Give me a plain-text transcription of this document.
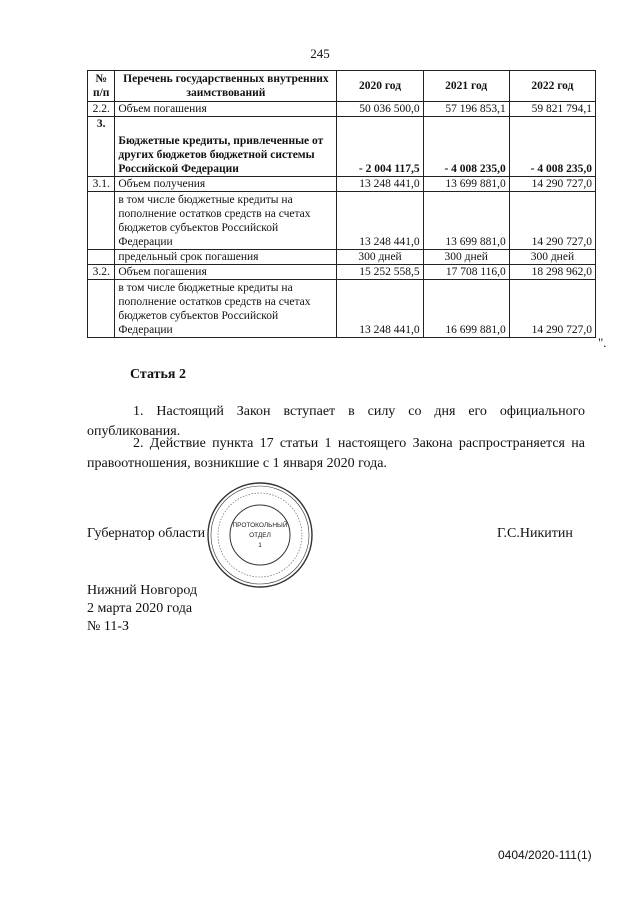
245
№ п/п	Перечень государственных внутренних заимствований	2020 год	2021 год	2022 год
2.2.	Объем погашения	50 036 500,0	57 196 853,1	59 821 794,1
3.	Бюджетные кредиты, привлеченные от других бюджетов бюджетной системы Российской Федерации	- 2 004 117,5	- 4 008 235,0	- 4 008 235,0
3.1.	Объем получения	13 248 441,0	13 699 881,0	14 290 727,0
	в том числе бюджетные кредиты на пополнение остатков средств на счетах бюджетов субъектов Российской Федерации	13 248 441,0	13 699 881,0	14 290 727,0
	предельный срок погашения	300 дней	300 дней	300 дней
3.2.	Объем погашения	15 252 558,5	17 708 116,0	18 298 962,0
	в том числе бюджетные кредиты на пополнение остатков средств на счетах бюджетов субъектов Российской Федерации	13 248 441,0	16 699 881,0	14 290 727,0
".
Статья 2
1. Настоящий Закон вступает в силу со дня его официального опубликования.
2. Действие пункта 17 статьи 1 настоящего Закона распространяется на правоотношения, возникшие с 1 января 2020 года.
Губернатор области	Г.С.Никитин
ПРОТОКОЛЬНЫЙ
ОТДЕЛ
1
Нижний Новгород
2 марта 2020 года
№ 11-З
0404/2020-111(1)
